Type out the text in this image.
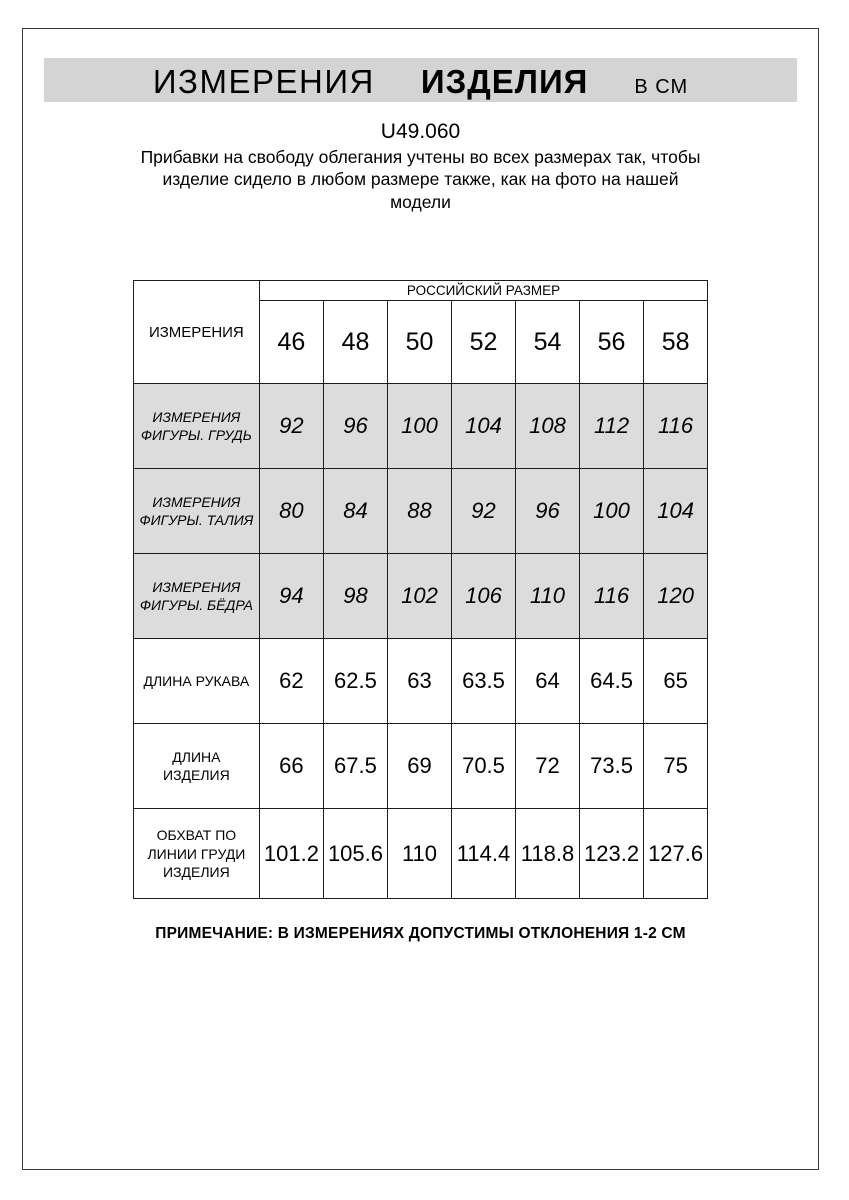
ИЗМЕРЕНИЯ ИЗДЕЛИЯ В СМ
U49.060
Прибавки на свободу облегания учтены во всех размерах так, чтобы изделие сидело в любом размере также, как на фото на нашей модели
ИЗМЕРЕНИЯ	РОССИЙСКИЙ РАЗМЕР						
	46	48	50	52	54	56	58
ИЗМЕРЕНИЯ ФИГУРЫ. ГРУДЬ	92	96	100	104	108	112	116
ИЗМЕРЕНИЯ ФИГУРЫ. ТАЛИЯ	80	84	88	92	96	100	104
ИЗМЕРЕНИЯ ФИГУРЫ. БЁДРА	94	98	102	106	110	116	120
ДЛИНА РУКАВА	62	62.5	63	63.5	64	64.5	65
ДЛИНА ИЗДЕЛИЯ	66	67.5	69	70.5	72	73.5	75
ОБХВАТ ПО ЛИНИИ ГРУДИ ИЗДЕЛИЯ	101.2	105.6	110	114.4	118.8	123.2	127.6
ПРИМЕЧАНИЕ: В ИЗМЕРЕНИЯХ ДОПУСТИМЫ ОТКЛОНЕНИЯ 1-2 СМ
